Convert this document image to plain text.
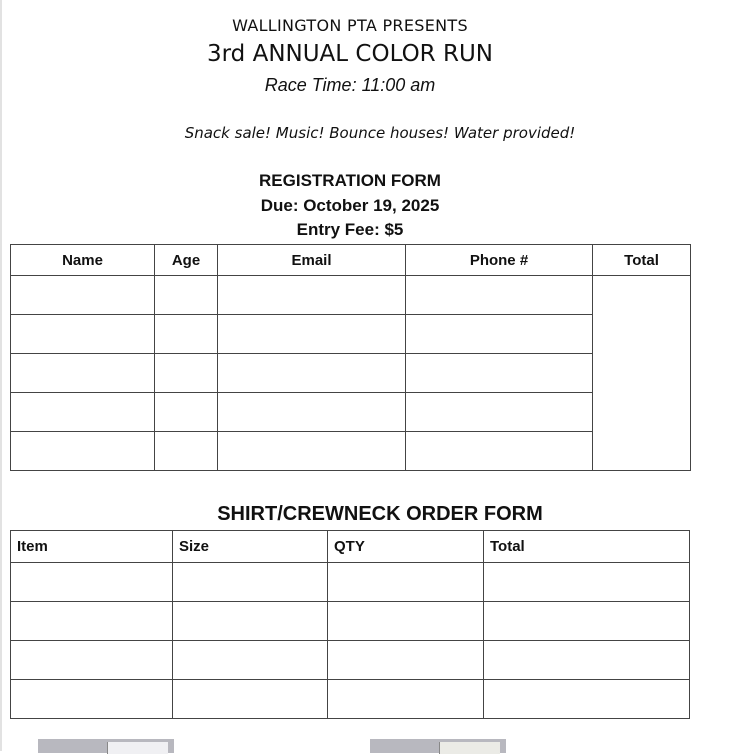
WALLINGTON PTA PRESENTS
3rd ANNUAL COLOR RUN
Race Time: 11:00 am
Snack sale! Music! Bounce houses! Water provided!
REGISTRATION FORM
Due: October 19, 2025
Entry Fee: $5
Name	Age	Email	Phone #	Total

SHIRT/CREWNECK ORDER FORM
Item	Size	QTY	Total
